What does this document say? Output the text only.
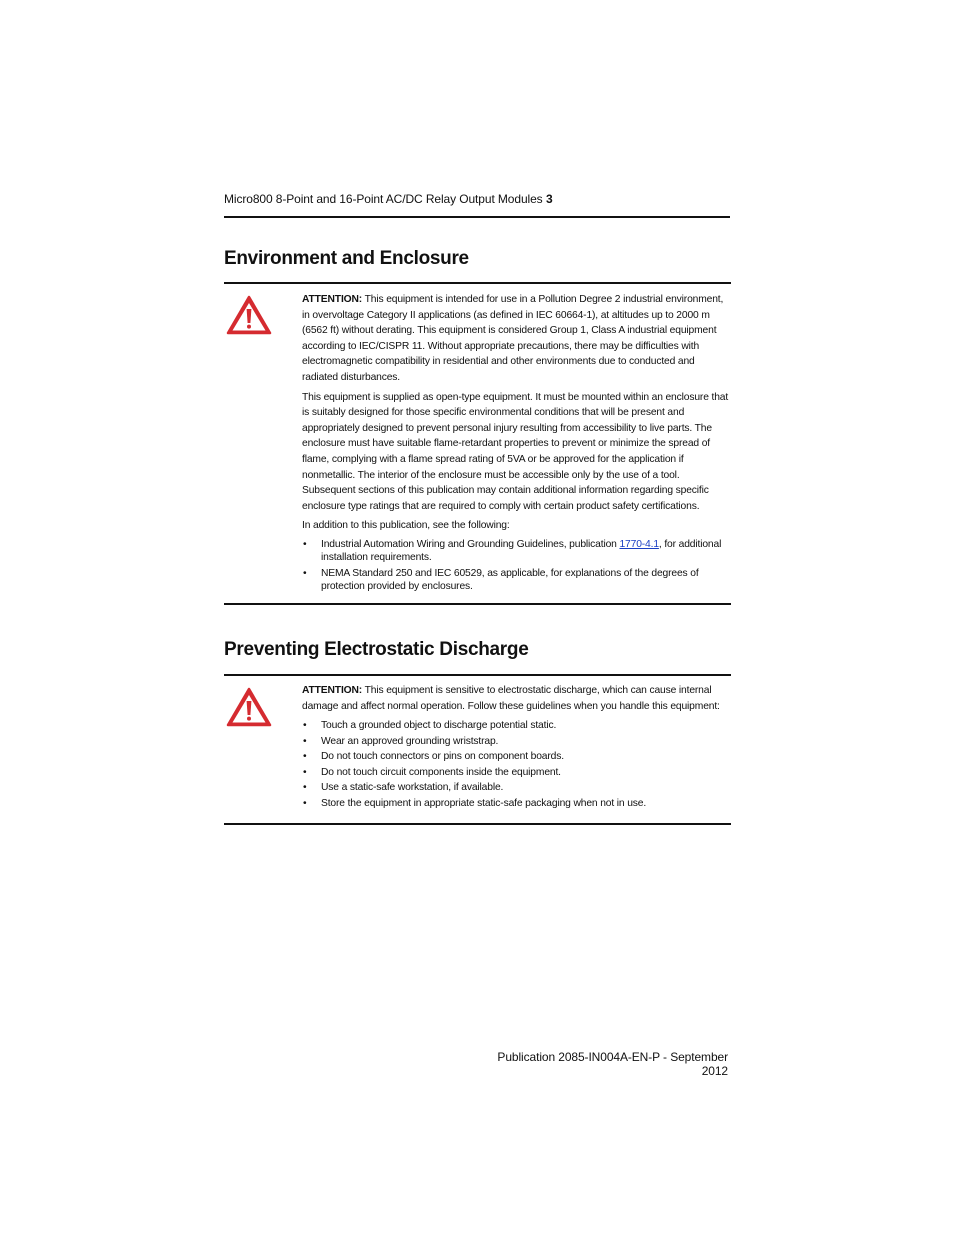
Micro800 8-Point and 16-Point AC/DC Relay Output Modules 3
Environment and Enclosure

ATTENTION: This equipment is intended for use in a Pollution Degree 2 industrial environment, in overvoltage Category II applications (as defined in IEC 60664-1), at altitudes up to 2000 m (6562 ft) without derating. This equipment is considered Group 1, Class A industrial equipment according to IEC/CISPR 11. Without appropriate precautions, there may be difficulties with electromagnetic compatibility in residential and other environments due to conducted and radiated disturbances.

This equipment is supplied as open-type equipment. It must be mounted within an enclosure that is suitably designed for those specific environmental conditions that will be present and appropriately designed to prevent personal injury resulting from accessibility to live parts. The enclosure must have suitable flame-retardant properties to prevent or minimize the spread of flame, complying with a flame spread rating of 5VA or be approved for the application if nonmetallic. The interior of the enclosure must be accessible only by the use of a tool. Subsequent sections of this publication may contain additional information regarding specific enclosure type ratings that are required to comply with certain product safety certifications.

In addition to this publication, see the following:

• Industrial Automation Wiring and Grounding Guidelines, publication 1770-4.1, for additional installation requirements.
• NEMA Standard 250 and IEC 60529, as applicable, for explanations of the degrees of protection provided by enclosures.
Preventing Electrostatic Discharge

ATTENTION: This equipment is sensitive to electrostatic discharge, which can cause internal damage and affect normal operation. Follow these guidelines when you handle this equipment:

• Touch a grounded object to discharge potential static.
• Wear an approved grounding wriststrap.
• Do not touch connectors or pins on component boards.
• Do not touch circuit components inside the equipment.
• Use a static-safe workstation, if available.
• Store the equipment in appropriate static-safe packaging when not in use.
Publication 2085-IN004A-EN-P - September 2012
